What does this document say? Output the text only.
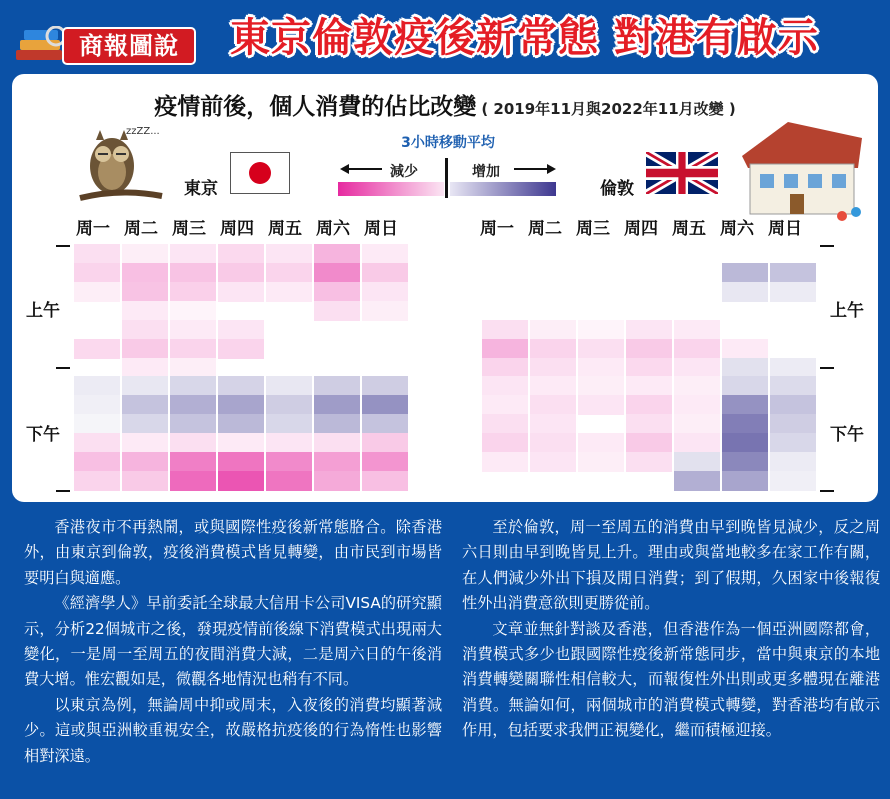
商報圖說	東京倫敦疫後新常態 對港有啟示
疫情前後，個人消費的佔比改變 ( 2019年11月與2022年11月改變 )
3小時移動平均
減少	增加
zzZZ...
東京	倫敦
周一 周二 周三 周四 周五 周六 周日	周一 周二 周三 周四 周五 周六 周日
上午
下午
上午
下午

香港夜市不再熱鬧，或與國際性疫後新常態胳合。除香港外，由東京到倫敦，疫後消費模式皆見轉變，由市民到市場皆要明白與適應。

《經濟學人》早前委託全球最大信用卡公司VISA的研究顯示，分析22個城市之後，發現疫情前後線下消費模式出現兩大變化，一是周一至周五的夜間消費大減，二是周六日的午後消費大增。惟宏觀如是，微觀各地情況也稍有不同。

以東京為例，無論周中抑或周末，入夜後的消費均顯著減少。這或與亞洲較重視安全，故嚴格抗疫後的行為惰性也影響相對深遠。

至於倫敦，周一至周五的消費由早到晚皆見減少，反之周六日則由早到晚皆見上升。理由或與當地較多在家工作有關，在人們減少外出下損及閒日消費；到了假期，久困家中後報復性外出消費意欲則更勝從前。

文章並無針對談及香港，但香港作為一個亞洲國際都會，消費模式多少也跟國際性疫後新常態同步，當中與東京的本地消費轉變關聯性相信較大，而報復性外出則或更多體現在離港消費。無論如何，兩個城市的消費模式轉變，對香港均有啟示作用，包括要求我們正視變化，繼而積極迎接。
